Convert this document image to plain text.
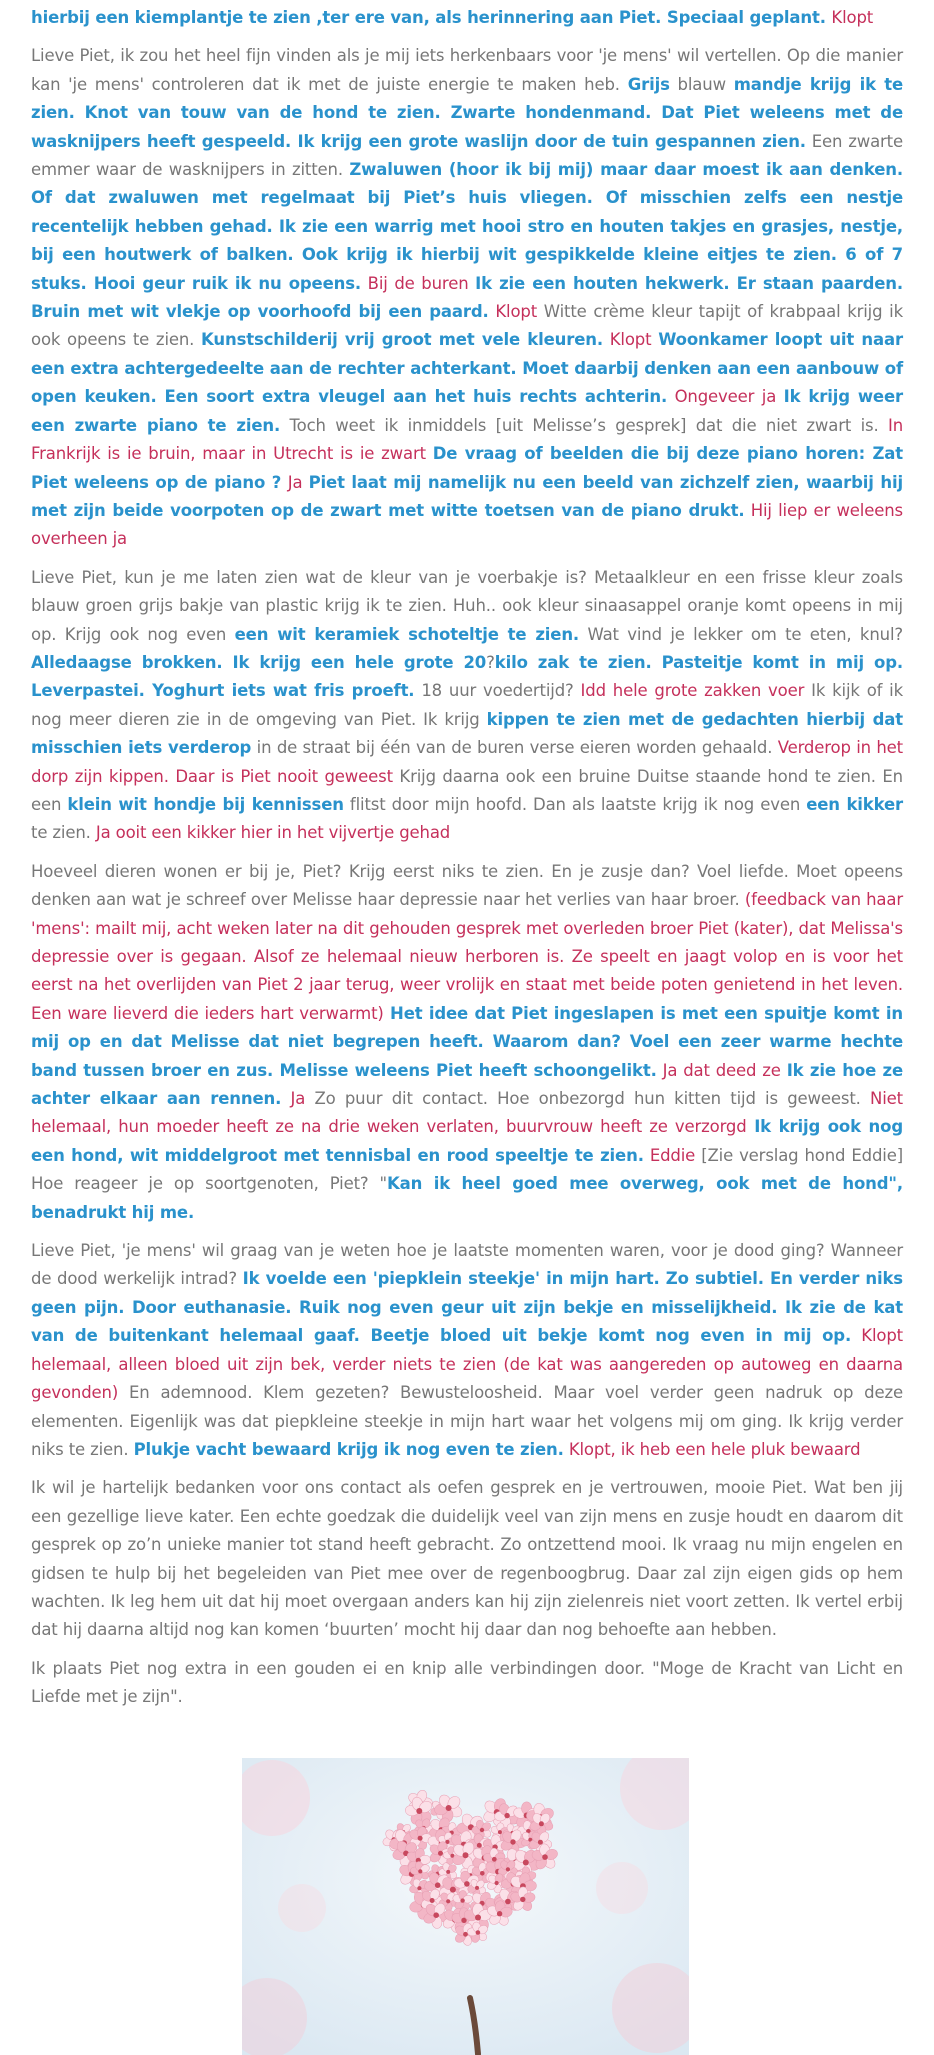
hierbij een kiemplantje te zien ,ter ere van, als herinnering aan Piet. Speciaal geplant. Klopt

Lieve Piet, ik zou het heel fijn vinden als je mij iets herkenbaars voor 'je mens' wil vertellen. Op die manier kan 'je mens' controleren dat ik met de juiste energie te maken heb. Grijs blauw mandje krijg ik te zien. Knot van touw van de hond te zien. Zwarte hondenmand. Dat Piet weleens met de wasknijpers heeft gespeeld. Ik krijg een grote waslijn door de tuin gespannen zien. Een zwarte emmer waar de wasknijpers in zitten. Zwaluwen (hoor ik bij mij) maar daar moest ik aan denken. Of dat zwaluwen met regelmaat bij Piet’s huis vliegen. Of misschien zelfs een nestje recentelijk hebben gehad. Ik zie een warrig met hooi stro en houten takjes en grasjes, nestje, bij een houtwerk of balken. Ook krijg ik hierbij wit gespikkelde kleine eitjes te zien. 6 of 7 stuks. Hooi geur ruik ik nu opeens. Bij de buren Ik zie een houten hekwerk. Er staan paarden. Bruin met wit vlekje op voorhoofd bij een paard. Klopt Witte crème kleur tapijt of krabpaal krijg ik ook opeens te zien. Kunstschilderij vrij groot met vele kleuren. Klopt Woonkamer loopt uit naar een extra achtergedeelte aan de rechter achterkant. Moet daarbij denken aan een aanbouw of open keuken. Een soort extra vleugel aan het huis rechts achterin. Ongeveer ja Ik krijg weer een zwarte piano te zien. Toch weet ik inmiddels [uit Melisse’s gesprek] dat die niet zwart is. In Frankrijk is ie bruin, maar in Utrecht is ie zwart De vraag of beelden die bij deze piano horen: Zat Piet weleens op de piano ? Ja Piet laat mij namelijk nu een beeld van zichzelf zien, waarbij hij met zijn beide voorpoten op de zwart met witte toetsen van de piano drukt. Hij liep er weleens overheen ja

Lieve Piet, kun je me laten zien wat de kleur van je voerbakje is? Metaalkleur en een frisse kleur zoals blauw groen grijs bakje van plastic krijg ik te zien. Huh.. ook kleur sinaasappel oranje komt opeens in mij op. Krijg ook nog even een wit keramiek schoteltje te zien. Wat vind je lekker om te eten, knul? Alledaagse brokken. Ik krijg een hele grote 20?kilo zak te zien. Pasteitje komt in mij op. Leverpastei. Yoghurt iets wat fris proeft. 18 uur voedertijd? Idd hele grote zakken voer Ik kijk of ik nog meer dieren zie in de omgeving van Piet. Ik krijg kippen te zien met de gedachten hierbij dat misschien iets verderop in de straat bij één van de buren verse eieren worden gehaald. Verderop in het dorp zijn kippen. Daar is Piet nooit geweest Krijg daarna ook een bruine Duitse staande hond te zien. En een klein wit hondje bij kennissen flitst door mijn hoofd. Dan als laatste krijg ik nog even een kikker te zien. Ja ooit een kikker hier in het vijvertje gehad

Hoeveel dieren wonen er bij je, Piet? Krijg eerst niks te zien. En je zusje dan? Voel liefde. Moet opeens denken aan wat je schreef over Melisse haar depressie naar het verlies van haar broer. (feedback van haar 'mens': mailt mij, acht weken later na dit gehouden gesprek met overleden broer Piet (kater), dat Melissa's depressie over is gegaan. Alsof ze helemaal nieuw herboren is. Ze speelt en jaagt volop en is voor het eerst na het overlijden van Piet 2 jaar terug, weer vrolijk en staat met beide poten genietend in het leven. Een ware lieverd die ieders hart verwarmt) Het idee dat Piet ingeslapen is met een spuitje komt in mij op en dat Melisse dat niet begrepen heeft. Waarom dan? Voel een zeer warme hechte band tussen broer en zus. Melisse weleens Piet heeft schoongelikt. Ja dat deed ze Ik zie hoe ze achter elkaar aan rennen. Ja Zo puur dit contact. Hoe onbezorgd hun kitten tijd is geweest. Niet helemaal, hun moeder heeft ze na drie weken verlaten, buurvrouw heeft ze verzorgd Ik krijg ook nog een hond, wit middelgroot met tennisbal en rood speeltje te zien. Eddie [Zie verslag hond Eddie] Hoe reageer je op soortgenoten, Piet? "Kan ik heel goed mee overweg, ook met de hond", benadrukt hij me.

Lieve Piet, 'je mens' wil graag van je weten hoe je laatste momenten waren, voor je dood ging? Wanneer de dood werkelijk intrad? Ik voelde een 'piepklein steekje' in mijn hart. Zo subtiel. En verder niks geen pijn. Door euthanasie. Ruik nog even geur uit zijn bekje en misselijkheid. Ik zie de kat van de buitenkant helemaal gaaf. Beetje bloed uit bekje komt nog even in mij op. Klopt helemaal, alleen bloed uit zijn bek, verder niets te zien (de kat was aangereden op autoweg en daarna gevonden) En ademnood. Klem gezeten? Bewusteloosheid. Maar voel verder geen nadruk op deze elementen. Eigenlijk was dat piepkleine steekje in mijn hart waar het volgens mij om ging. Ik krijg verder niks te zien. Plukje vacht bewaard krijg ik nog even te zien. Klopt, ik heb een hele pluk bewaard

Ik wil je hartelijk bedanken voor ons contact als oefen gesprek en je vertrouwen, mooie Piet. Wat ben jij een gezellige lieve kater. Een echte goedzak die duidelijk veel van zijn mens en zusje houdt en daarom dit gesprek op zo’n unieke manier tot stand heeft gebracht. Zo ontzettend mooi. Ik vraag nu mijn engelen en gidsen te hulp bij het begeleiden van Piet mee over de regenboogbrug. Daar zal zijn eigen gids op hem wachten. Ik leg hem uit dat hij moet overgaan anders kan hij zijn zielenreis niet voort zetten. Ik vertel erbij dat hij daarna altijd nog kan komen ‘buurten’ mocht hij daar dan nog behoefte aan hebben.

Ik plaats Piet nog extra in een gouden ei en knip alle verbindingen door. "Moge de Kracht van Licht en Liefde met je zijn".
